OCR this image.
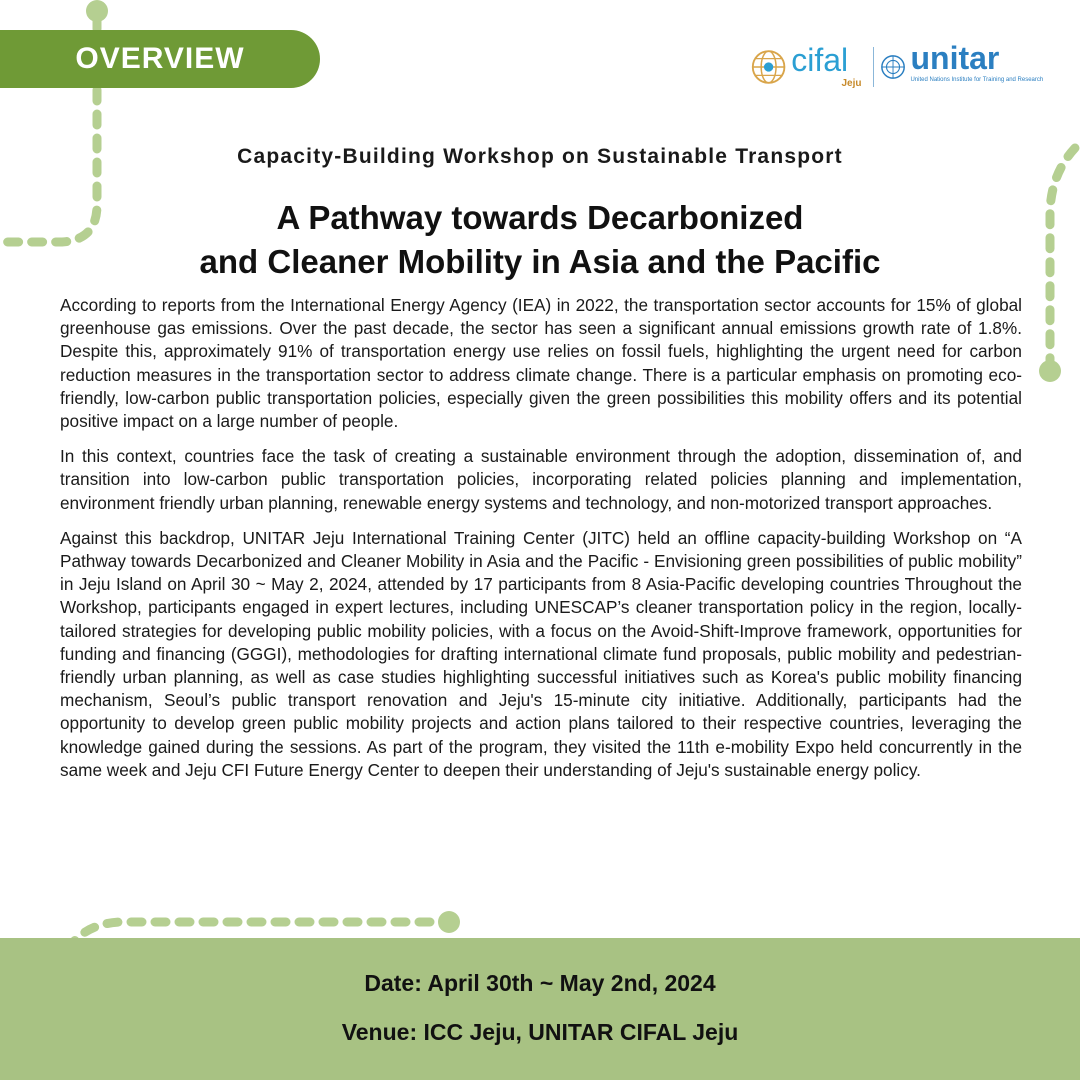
OVERVIEW	cifal
Jeju
unitar
United Nations Institute for Training and Research
Capacity-Building Workshop on Sustainable Transport
A Pathway towards Decarbonized
and Cleaner Mobility in Asia and the Pacific

According to reports from the International Energy Agency (IEA) in 2022, the transportation sector accounts for 15% of global greenhouse gas emissions. Over the past decade, the sector has seen a significant annual emissions growth rate of 1.8%. Despite this, approximately 91% of transportation energy use relies on fossil fuels, highlighting the urgent need for carbon reduction measures in the transportation sector to address climate change. There is a particular emphasis on promoting eco-friendly, low-carbon public transportation policies, especially given the green possibilities this mobility offers and its potential positive impact on a large number of people.

In this context, countries face the task of creating a sustainable environment through the adoption, dissemination of, and transition into low-carbon public transportation policies, incorporating related policies planning and implementation, environment friendly urban planning, renewable energy systems and technology, and non-motorized transport approaches.

Against this backdrop, UNITAR Jeju International Training Center (JITC) held an offline capacity-building Workshop on “A Pathway towards Decarbonized and Cleaner Mobility in Asia and the Pacific - Envisioning green possibilities of public mobility” in Jeju Island on April 30 ~ May 2, 2024, attended by 17 participants from 8 Asia-Pacific developing countries Throughout the Workshop, participants engaged in expert lectures, including UNESCAP’s cleaner transportation policy in the region, locally-tailored strategies for developing public mobility policies, with a focus on the Avoid-Shift-Improve framework, opportunities for funding and financing (GGGI), methodologies for drafting international climate fund proposals, public mobility and pedestrian-friendly urban planning, as well as case studies highlighting successful initiatives such as Korea's public mobility financing mechanism, Seoul’s public transport renovation and Jeju's 15-minute city initiative. Additionally, participants had the opportunity to develop green public mobility projects and action plans tailored to their respective countries, leveraging the knowledge gained during the sessions. As part of the program, they visited the 11th e-mobility Expo held concurrently in the same week and Jeju CFI Future Energy Center to deepen their understanding of Jeju's sustainable energy policy.

Date: April 30th ~ May 2nd, 2024
Venue: ICC Jeju, UNITAR CIFAL Jeju
